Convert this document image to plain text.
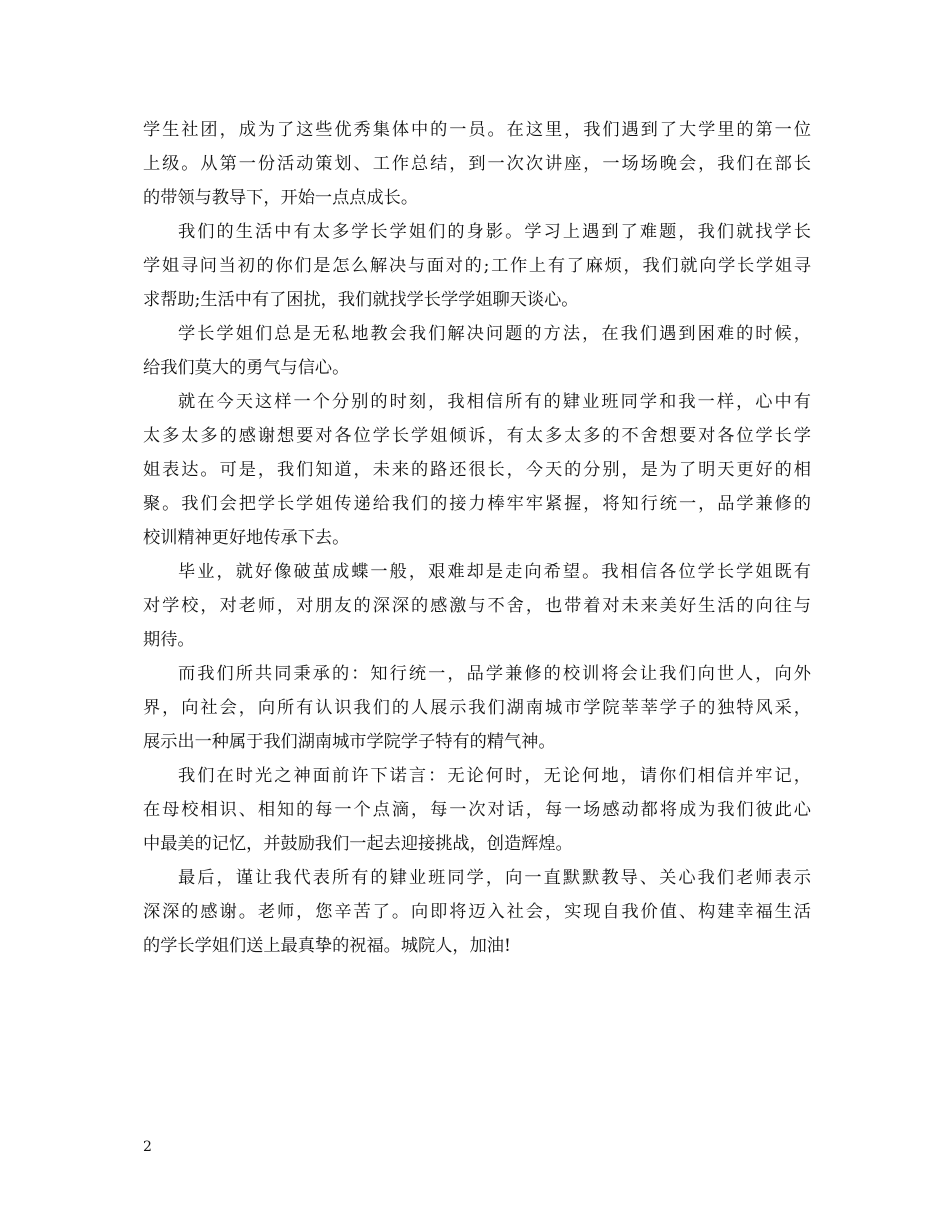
学生社团，成为了这些优秀集体中的一员。在这里，我们遇到了大学里的第一位
上级。从第一份活动策划、工作总结，到一次次讲座，一场场晚会，我们在部长
的带领与教导下，开始一点点成长。
我们的生活中有太多学长学姐们的身影。学习上遇到了难题，我们就找学长
学姐寻问当初的你们是怎么解决与面对的;工作上有了麻烦，我们就向学长学姐寻
求帮助;生活中有了困扰，我们就找学长学学姐聊天谈心。
学长学姐们总是无私地教会我们解决问题的方法，在我们遇到困难的时候，
给我们莫大的勇气与信心。
就在今天这样一个分别的时刻，我相信所有的肄业班同学和我一样，心中有
太多太多的感谢想要对各位学长学姐倾诉，有太多太多的不舍想要对各位学长学
姐表达。可是，我们知道，未来的路还很长，今天的分别，是为了明天更好的相
聚。我们会把学长学姐传递给我们的接力棒牢牢紧握，将知行统一，品学兼修的
校训精神更好地传承下去。
毕业，就好像破茧成蝶一般，艰难却是走向希望。我相信各位学长学姐既有
对学校，对老师，对朋友的深深的感激与不舍，也带着对未来美好生活的向往与
期待。
而我们所共同秉承的：知行统一，品学兼修的校训将会让我们向世人，向外
界，向社会，向所有认识我们的人展示我们湖南城市学院莘莘学子的独特风采，
展示出一种属于我们湖南城市学院学子特有的精气神。
我们在时光之神面前许下诺言：无论何时，无论何地，请你们相信并牢记，
在母校相识、相知的每一个点滴，每一次对话，每一场感动都将成为我们彼此心
中最美的记忆，并鼓励我们一起去迎接挑战，创造辉煌。
最后，谨让我代表所有的肄业班同学，向一直默默教导、关心我们老师表示
深深的感谢。老师，您辛苦了。向即将迈入社会，实现自我价值、构建幸福生活
的学长学姐们送上最真挚的祝福。城院人，加油!
2
